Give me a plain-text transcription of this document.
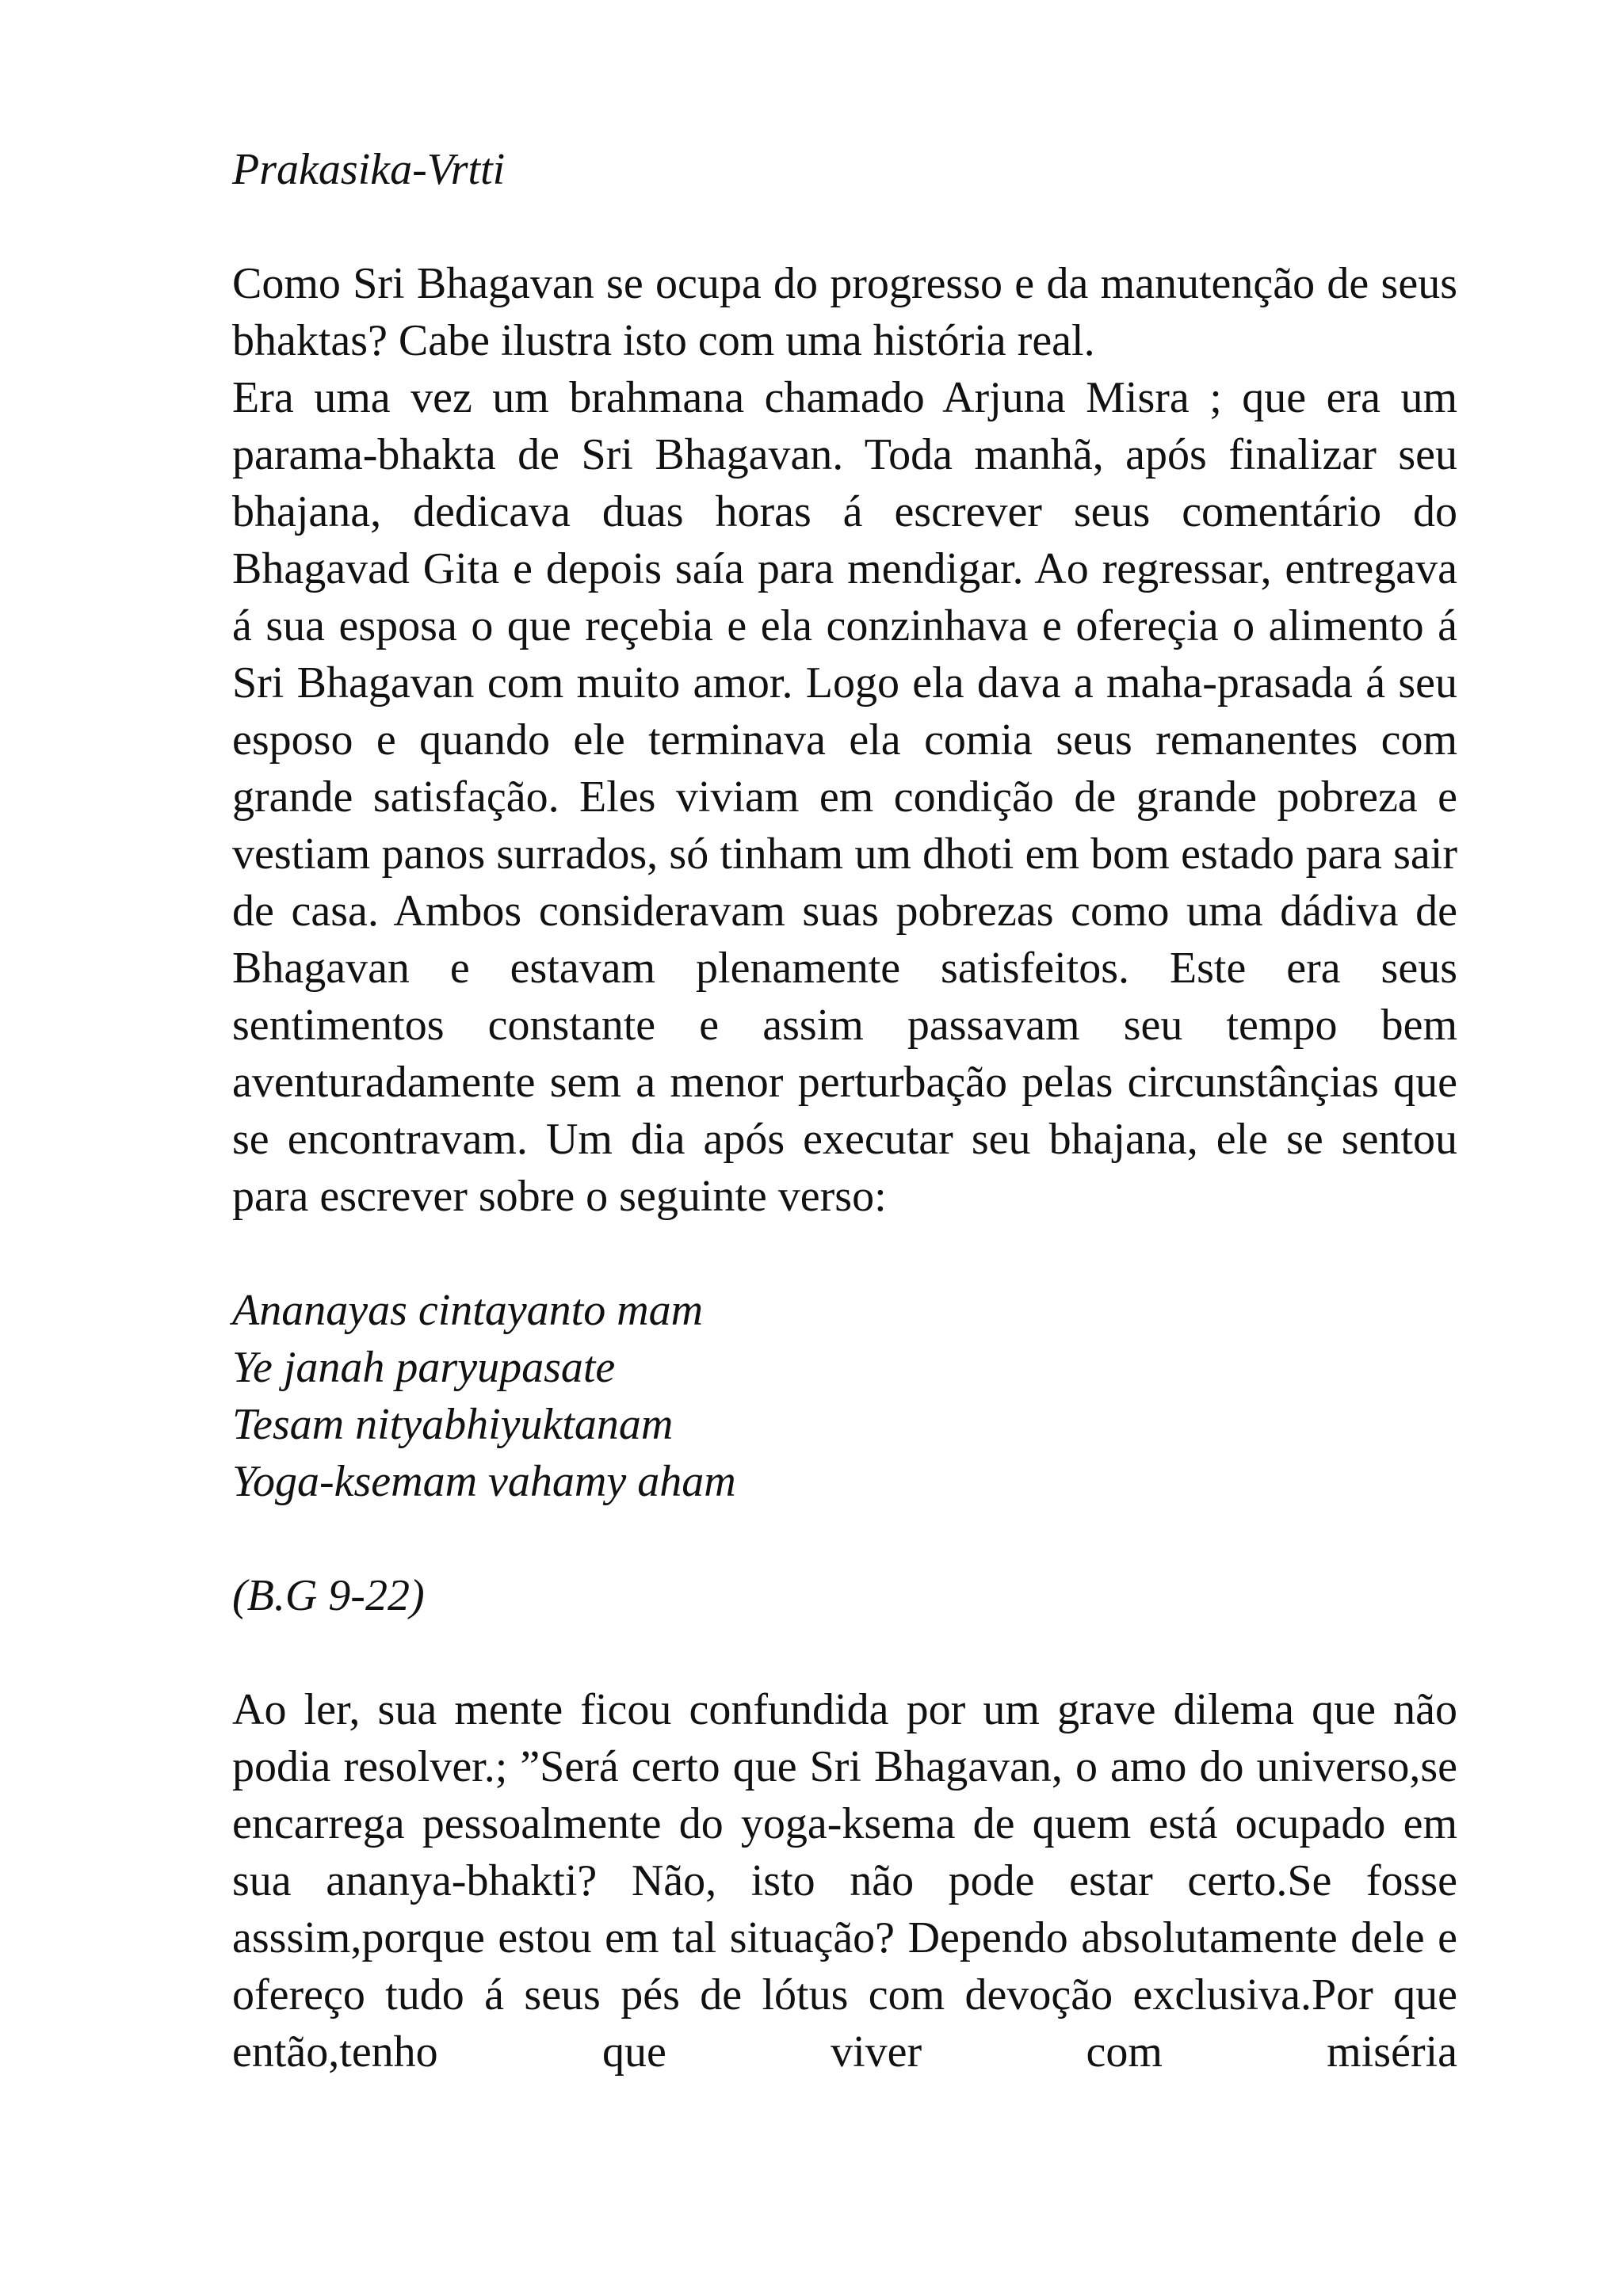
Prakasika-Vrtti

Como Sri Bhagavan se ocupa do progresso e da manutenção de seus bhaktas? Cabe ilustra isto com uma história real.

Era uma vez um brahmana chamado Arjuna Misra ; que era um parama-bhakta de Sri Bhagavan. Toda manhã, após finalizar seu bhajana, dedicava duas horas á escrever seus comentário do Bhagavad Gita e depois saía para mendigar. Ao regressar, entregava á sua esposa o que reçebia e ela conzinhava e ofereçia o alimento á Sri Bhagavan com muito amor. Logo ela dava a maha-prasada á seu esposo e quando ele terminava ela comia seus remanentes com grande satisfação. Eles viviam em condição de grande pobreza e vestiam panos surrados, só tinham um dhoti em bom estado para sair de casa. Ambos consideravam suas pobrezas como uma dádiva de Bhagavan e estavam plenamente satisfeitos. Este era seus sentimentos constante e assim passavam seu tempo bem aventuradamente sem a menor perturbação pelas circunstânçias que se encontravam. Um dia após executar seu bhajana, ele se sentou para escrever sobre o seguinte verso:

Ananayas cintayanto mam
Ye janah paryupasate
Tesam nityabhiyuktanam
Yoga-ksemam vahamy aham
(B.G 9-22)

Ao ler, sua mente ficou confundida por um grave dilema que não podia resolver.; ”Será certo que Sri Bhagavan, o amo do universo,se encarrega pessoalmente do yoga-ksema de quem está ocupado em sua ananya-bhakti? Não, isto não pode estar certo.Se fosse asssim,porque estou em tal situação? Dependo absolutamente dele e ofereço tudo á seus pés de lótus com devoção exclusiva.Por que então,tenho que viver com miséria
